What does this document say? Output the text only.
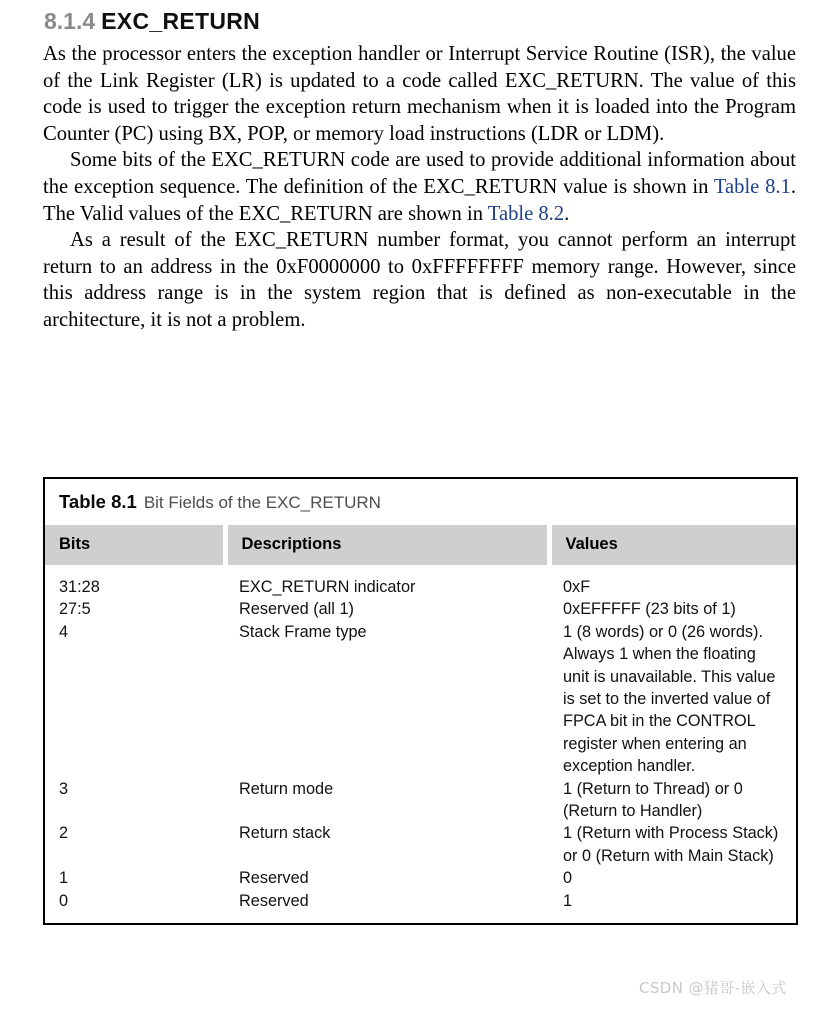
8.1.4 EXC_RETURN

As the processor enters the exception handler or Interrupt Service Routine (ISR), the value of the Link Register (LR) is updated to a code called EXC_RETURN. The value of this code is used to trigger the exception return mechanism when it is loaded into the Program Counter (PC) using BX, POP, or memory load instructions (LDR or LDM).

Some bits of the EXC_RETURN code are used to provide additional information about the exception sequence. The definition of the EXC_RETURN value is shown in Table 8.1. The Valid values of the EXC_RETURN are shown in Table 8.2.

As a result of the EXC_RETURN number format, you cannot perform an interrupt return to an address in the 0xF0000000 to 0xFFFFFFFF memory range. However, since this address range is in the system region that is defined as non-executable in the architecture, it is not a problem.

Table 8.1 Bit Fields of the EXC_RETURN
Bits	Descriptions	Values
31:28	EXC_RETURN indicator	0xF
27:5	Reserved (all 1)	0xEFFFFF (23 bits of 1)
4	Stack Frame type	1 (8 words) or 0 (26 words). Always 1 when the floating unit is unavailable. This value is set to the inverted value of FPCA bit in the CONTROL register when entering an exception handler.
3	Return mode	1 (Return to Thread) or 0 (Return to Handler)
2	Return stack	1 (Return with Process Stack) or 0 (Return with Main Stack)
1	Reserved	0
0	Reserved	1
CSDN @猪哥-嵌入式
